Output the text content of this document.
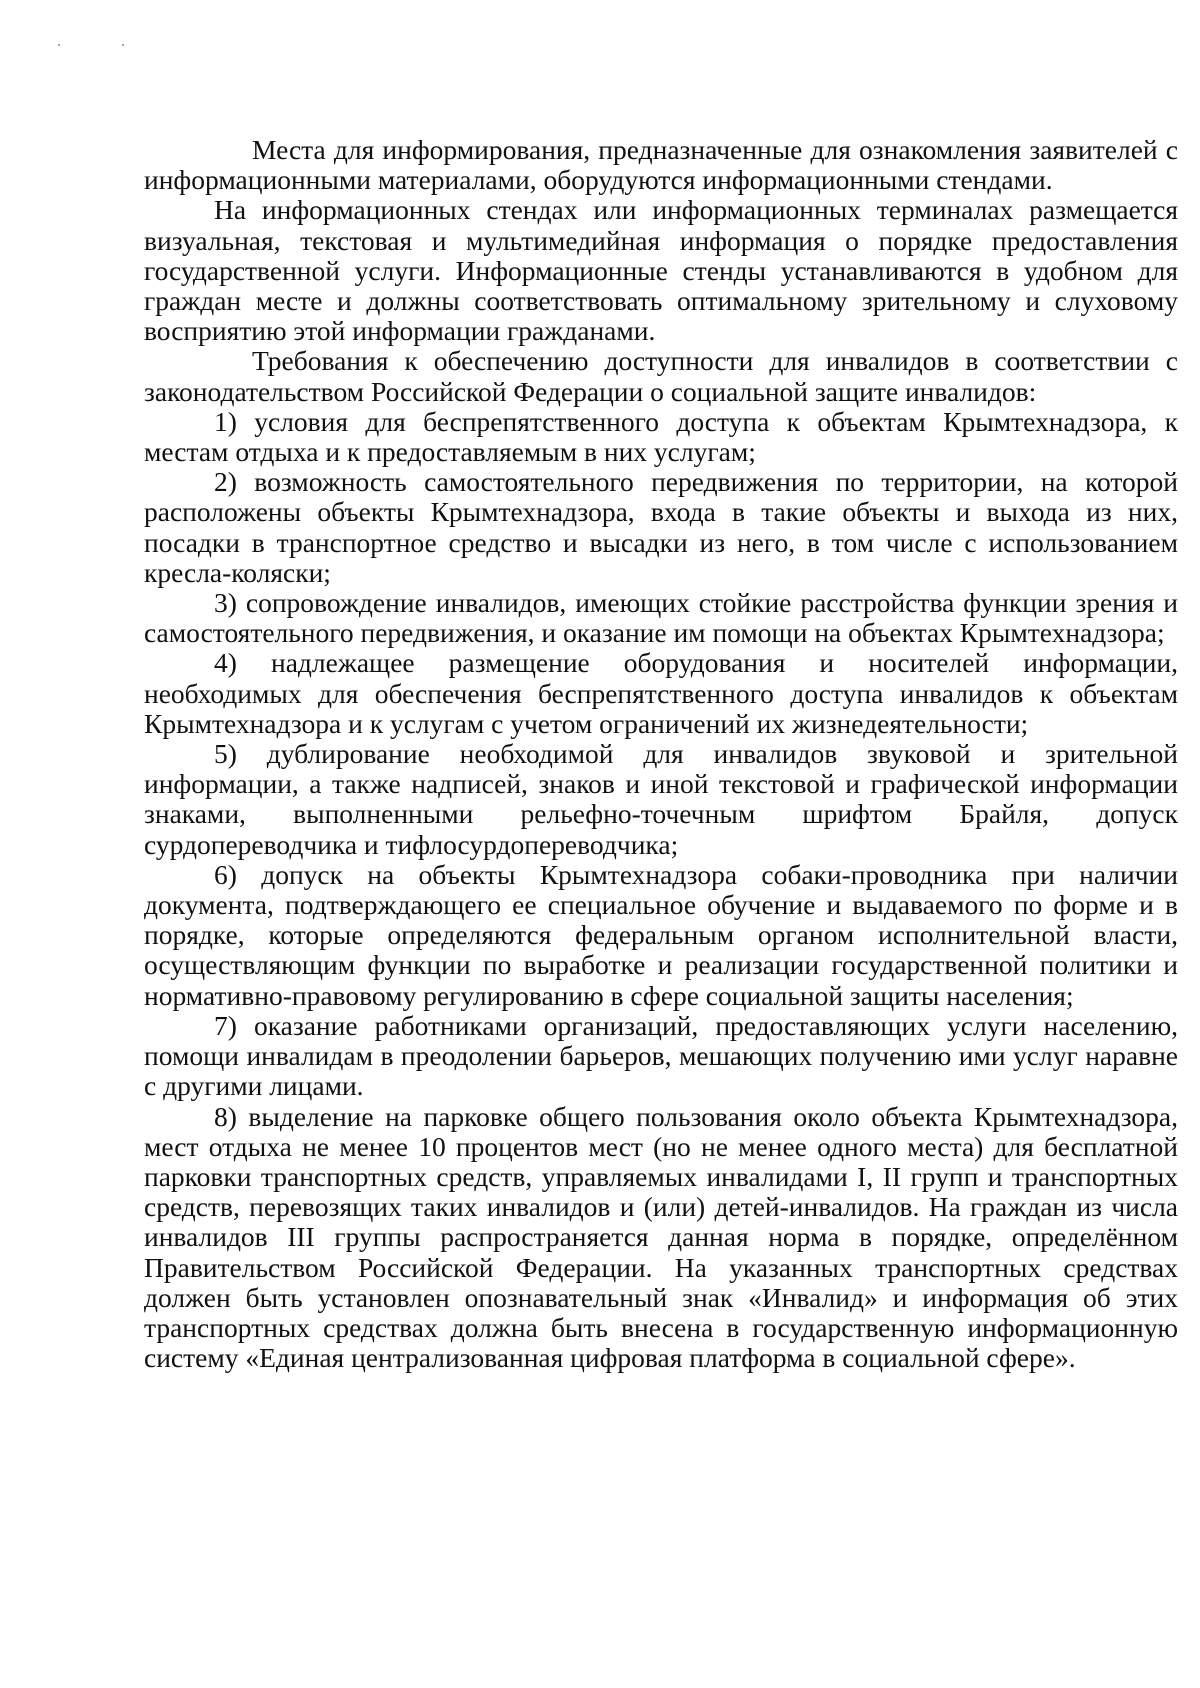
Места для информирования, предназначенные для ознакомления заявителей с информационными материалами, оборудуются информационными стендами.

На информационных стендах или информационных терминалах размещается визуальная, текстовая и мультимедийная информация о порядке предоставления государственной услуги. Информационные стенды устанавливаются в удобном для граждан месте и должны соответствовать оптимальному зрительному и слуховому восприятию этой информации гражданами.

Требования к обеспечению доступности для инвалидов в соответствии с законодательством Российской Федерации о социальной защите инвалидов:

1) условия для беспрепятственного доступа к объектам Крымтехнадзора, к местам отдыха и к предоставляемым в них услугам;

2) возможность самостоятельного передвижения по территории, на которой расположены объекты Крымтехнадзора, входа в такие объекты и выхода из них, посадки в транспортное средство и высадки из него, в том числе с использованием кресла-коляски;

3) сопровождение инвалидов, имеющих стойкие расстройства функции зрения и самостоятельного передвижения, и оказание им помощи на объектах Крымтехнадзора;

4) надлежащее размещение оборудования и носителей информации, необходимых для обеспечения беспрепятственного доступа инвалидов к объектам Крымтехнадзора и к услугам с учетом ограничений их жизнедеятельности;

5) дублирование необходимой для инвалидов звуковой и зрительной информации, а также надписей, знаков и иной текстовой и графической информации знаками, выполненными рельефно-точечным шрифтом Брайля, допуск сурдопереводчика и тифлосурдопереводчика;

6) допуск на объекты Крымтехнадзора собаки-проводника при наличии документа, подтверждающего ее специальное обучение и выдаваемого по форме и в порядке, которые определяются федеральным органом исполнительной власти, осуществляющим функции по выработке и реализации государственной политики и нормативно-правовому регулированию в сфере социальной защиты населения;

7) оказание работниками организаций, предоставляющих услуги населению, помощи инвалидам в преодолении барьеров, мешающих получению ими услуг наравне с другими лицами.

8) выделение на парковке общего пользования около объекта Крымтехнадзора, мест отдыха не менее 10 процентов мест (но не менее одного места) для бесплатной парковки транспортных средств, управляемых инвалидами I, II групп и транспортных средств, перевозящих таких инвалидов и (или) детей-инвалидов. На граждан из числа инвалидов III группы распространяется данная норма в порядке, определённом Правительством Российской Федерации. На указанных транспортных средствах должен быть установлен опознавательный знак «Инвалид» и информация об этих транспортных средствах должна быть внесена в государственную информационную систему «Единая централизованная цифровая платформа в социальной сфере».
